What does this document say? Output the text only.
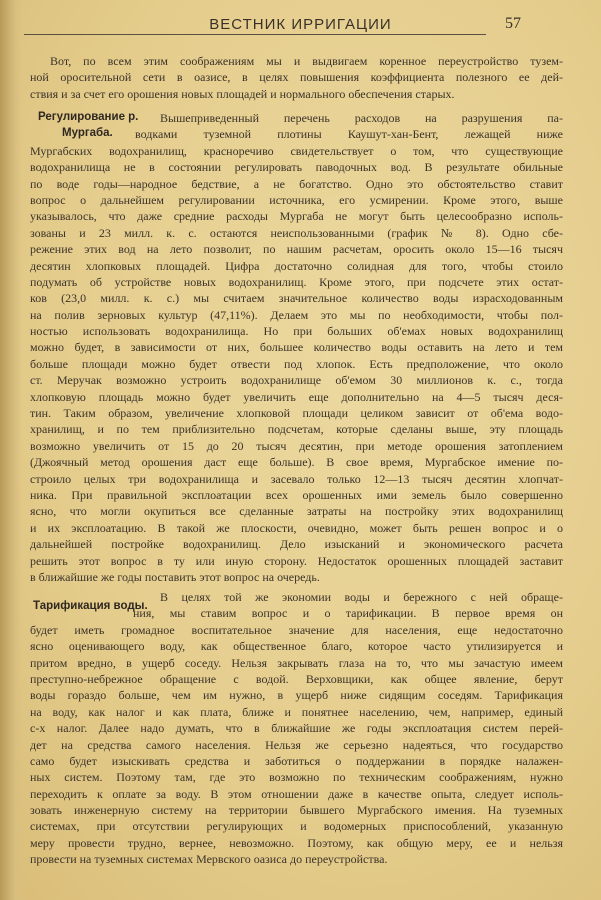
ВЕСТНИК ИРРИГАЦИИ	57
Вот, по всем этим соображениям мы и выдвигаем коренное переустройство тузем-
ной оросительной сети в оазисе, в целях повышения коэффициента полезного ее дей-
ствия и за счет его орошения новых площадей и нормального обеспечения старых.
Регулирование р.
Мургаба.
Вышеприведенный перечень расходов на разрушения па-
водками туземной плотины Каушут-хан-Бент, лежащей ниже
Мургабских водохранилищ, красноречиво свидетельствует о том, что существующие
водохранилища не в состоянии регулировать паводочных вод. В результате обильные
по воде годы—народное бедствие, а не богатство. Одно это обстоятельство ставит
вопрос о дальнейшем регулировании источника, его усмирении. Кроме этого, выше
указывалось, что даже средние расходы Мургаба не могут быть целесообразно исполь-
зованы и 23 милл. к. с. остаются неиспользованными (график № 8). Одно сбе-
режение этих вод на лето позволит, по нашим расчетам, оросить около 15—16 тысяч
десятин хлопковых площадей. Цифра достаточно солидная для того, чтобы стоило
подумать об устройстве новых водохранилищ. Кроме этого, при подсчете этих остат-
ков (23,0 милл. к. с.) мы считаем значительное количество воды израсходованным
на полив зерновых культур (47,11%). Делаем это мы по необходимости, чтобы пол-
ностью использовать водохранилища. Но при больших об'емах новых водохранилищ
можно будет, в зависимости от них, большее количество воды оставить на лето и тем
больше площади можно будет отвести под хлопок. Есть предположение, что около
ст. Меручак возможно устроить водохранилище об'емом 30 миллионов к. с., тогда
хлопковую площадь можно будет увеличить еще дополнительно на 4—5 тысяч деся-
тин. Таким образом, увеличение хлопковой площади целиком зависит от об'ема водо-
хранилищ, и по тем приблизительно подсчетам, которые сделаны выше, эту площадь
возможно увеличить от 15 до 20 тысяч десятин, при методе орошения затоплением
(Джоячный метод орошения даст еще больше). В свое время, Мургабское имение по-
строило целых три водохранилища и засевало только 12—13 тысяч десятин хлопчат-
ника. При правильной эксплоатации всех орошенных ими земель было совершенно
ясно, что могли окупиться все сделанные затраты на постройку этих водохранилищ
и их эксплоатацию. В такой же плоскости, очевидно, может быть решен вопрос и о
дальнейшей постройке водохранилищ. Дело изысканий и экономического расчета
решить этот вопрос в ту или иную сторону. Недостаток орошенных площадей заставит
в ближайшие же годы поставить этот вопрос на очередь.
Тарификация воды.
В целях той же экономии воды и бережного с ней обраще-
ния, мы ставим вопрос и о тарификации. В первое время он
будет иметь громадное воспитательное значение для населения, еще недостаточно
ясно оценивающего воду, как общественное благо, которое часто утилизируется и
притом вредно, в ущерб соседу. Нельзя закрывать глаза на то, что мы зачастую имеем
преступно-небрежное обращение с водой. Верховщики, как общее явление, берут
воды гораздо больше, чем им нужно, в ущерб ниже сидящим соседям. Тарификация
на воду, как налог и как плата, ближе и понятнее населению, чем, например, единый
с-х налог. Далее надо думать, что в ближайшие же годы эксплоатация систем перей-
дет на средства самого населения. Нельзя же серьезно надеяться, что государство
само будет изыскивать средства и заботиться о поддержании в порядке налажен-
ных систем. Поэтому там, где это возможно по техническим соображениям, нужно
переходить к оплате за воду. В этом отношении даже в качестве опыта, следует исполь-
зовать инженерную систему на территории бывшего Мургабского имения. На туземных
системах, при отсутствии регулирующих и водомерных приспособлений, указанную
меру провести трудно, вернее, невозможно. Поэтому, как общую меру, ее и нельзя
провести на туземных системах Мервского оазиса до переустройства.
